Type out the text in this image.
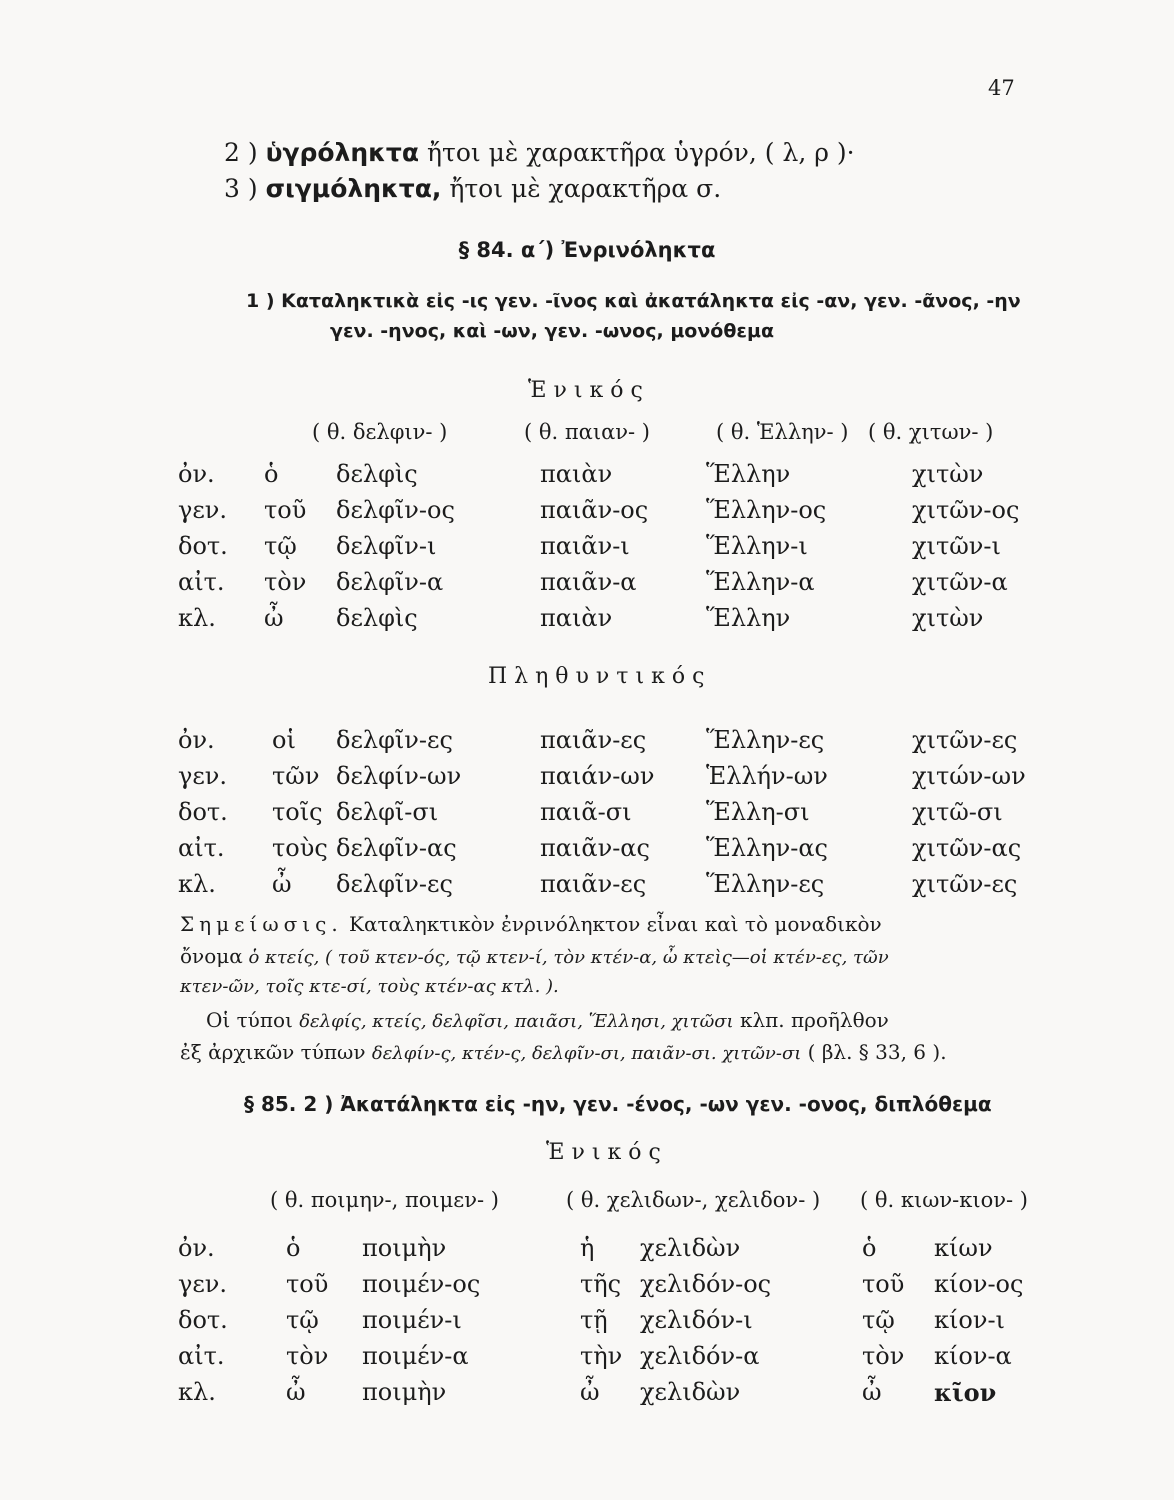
47
2 ) ὑγρόληκτα ἤτοι μὲ χαρακτῆρα ὑγρόν, ( λ, ρ )·
3 ) σιγμόληκτα, ἤτοι μὲ χαρακτῆρα σ.
§ 84. α΄) Ἐνρινόληκτα
1 ) Καταληκτικὰ εἰς -ις γεν. -ῖνος καὶ ἀκατάληκτα εἰς -αν, γεν. -ᾶνος, -ην
γεν. -ηνος, καὶ -ων, γεν. -ωνος, μονόθεμα
Ἑνικός
( θ. δελφιν- )	( θ. παιαν- )	( θ. Ἑλλην- ) ( θ. χιτων- )
ὀν. ὁ δελφὶς	παιὰν	Ἕλλην	χιτὼν
γεν. τοῦ δελφῖν-ος	παιᾶν-ος Ἕλλην-ος	χιτῶν-ος
δοτ. τῷ δελφῖν-ι	παιᾶν-ι	Ἕλλην-ι	χιτῶν-ι
αἰτ. τὸν δελφῖν-α	παιᾶν-α	Ἕλλην-α	χιτῶν-α
κλ. ὦ δελφὶς	παιὰν	Ἕλλην	χιτὼν
Πληθυντικός
ὀν. οἱ δελφῖν-ες	παιᾶν-ες Ἕλλην-ες	χιτῶν-ες
γεν. τῶν δελφίν-ων	παιάν-ων Ἑλλήν-ων	χιτών-ων
δοτ. τοῖς δελφῖ-σι	παιᾶ-σι	Ἕλλη-σι	χιτῶ-σι
αἰτ. τοὺς δελφῖν-ας	παιᾶν-ας Ἕλλην-ας	χιτῶν-ας
κλ. ὦ δελφῖν-ες	παιᾶν-ες Ἕλλην-ες	χιτῶν-ες
Σημείωσις. Καταληκτικὸν ἐνρινόληκτον εἶναι καὶ τὸ μοναδικὸν
ὄνομα ὁ κτείς, ( τοῦ κτεν-ός, τῷ κτεν-ί, τὸν κτέν-α, ὦ κτεὶς—οἱ κτέν-ες, τῶν
κτεν-ῶν, τοῖς κτε-σί, τοὺς κτέν-ας κτλ. ).
Οἱ τύποι δελφίς, κτείς, δελφῖσι, παιᾶσι, Ἕλλησι, χιτῶσι κλπ. προῆλθον
ἐξ ἀρχικῶν τύπων δελφίν-ς, κτέν-ς, δελφῖν-σι, παιᾶν-σι. χιτῶν-σι ( βλ. § 33, 6 ).
§ 85. 2 ) Ἀκατάληκτα εἰς -ην, γεν. -ένος, -ων γεν. -ονος, διπλόθεμα
Ἑνικός
( θ. ποιμην-, ποιμεν- )	( θ. χελιδων-, χελιδον- ) ( θ. κιων-κιον- )
ὀν.	ὁ	ποιμὴν	ἡ χελιδὼν	ὁ κίων
γεν. τοῦ ποιμέν-ος	τῆς χελιδόν-ος	τοῦ κίον-ος
δοτ. τῷ ποιμέν-ι	τῇ χελιδόν-ι	τῷ κίον-ι
αἰτ.	τὸν ποιμέν-α	τὴν χελιδόν-α	τὸν κίον-α
κλ.	ὦ ποιμὴν	ὦ χελιδὼν	ὦ κῖον
